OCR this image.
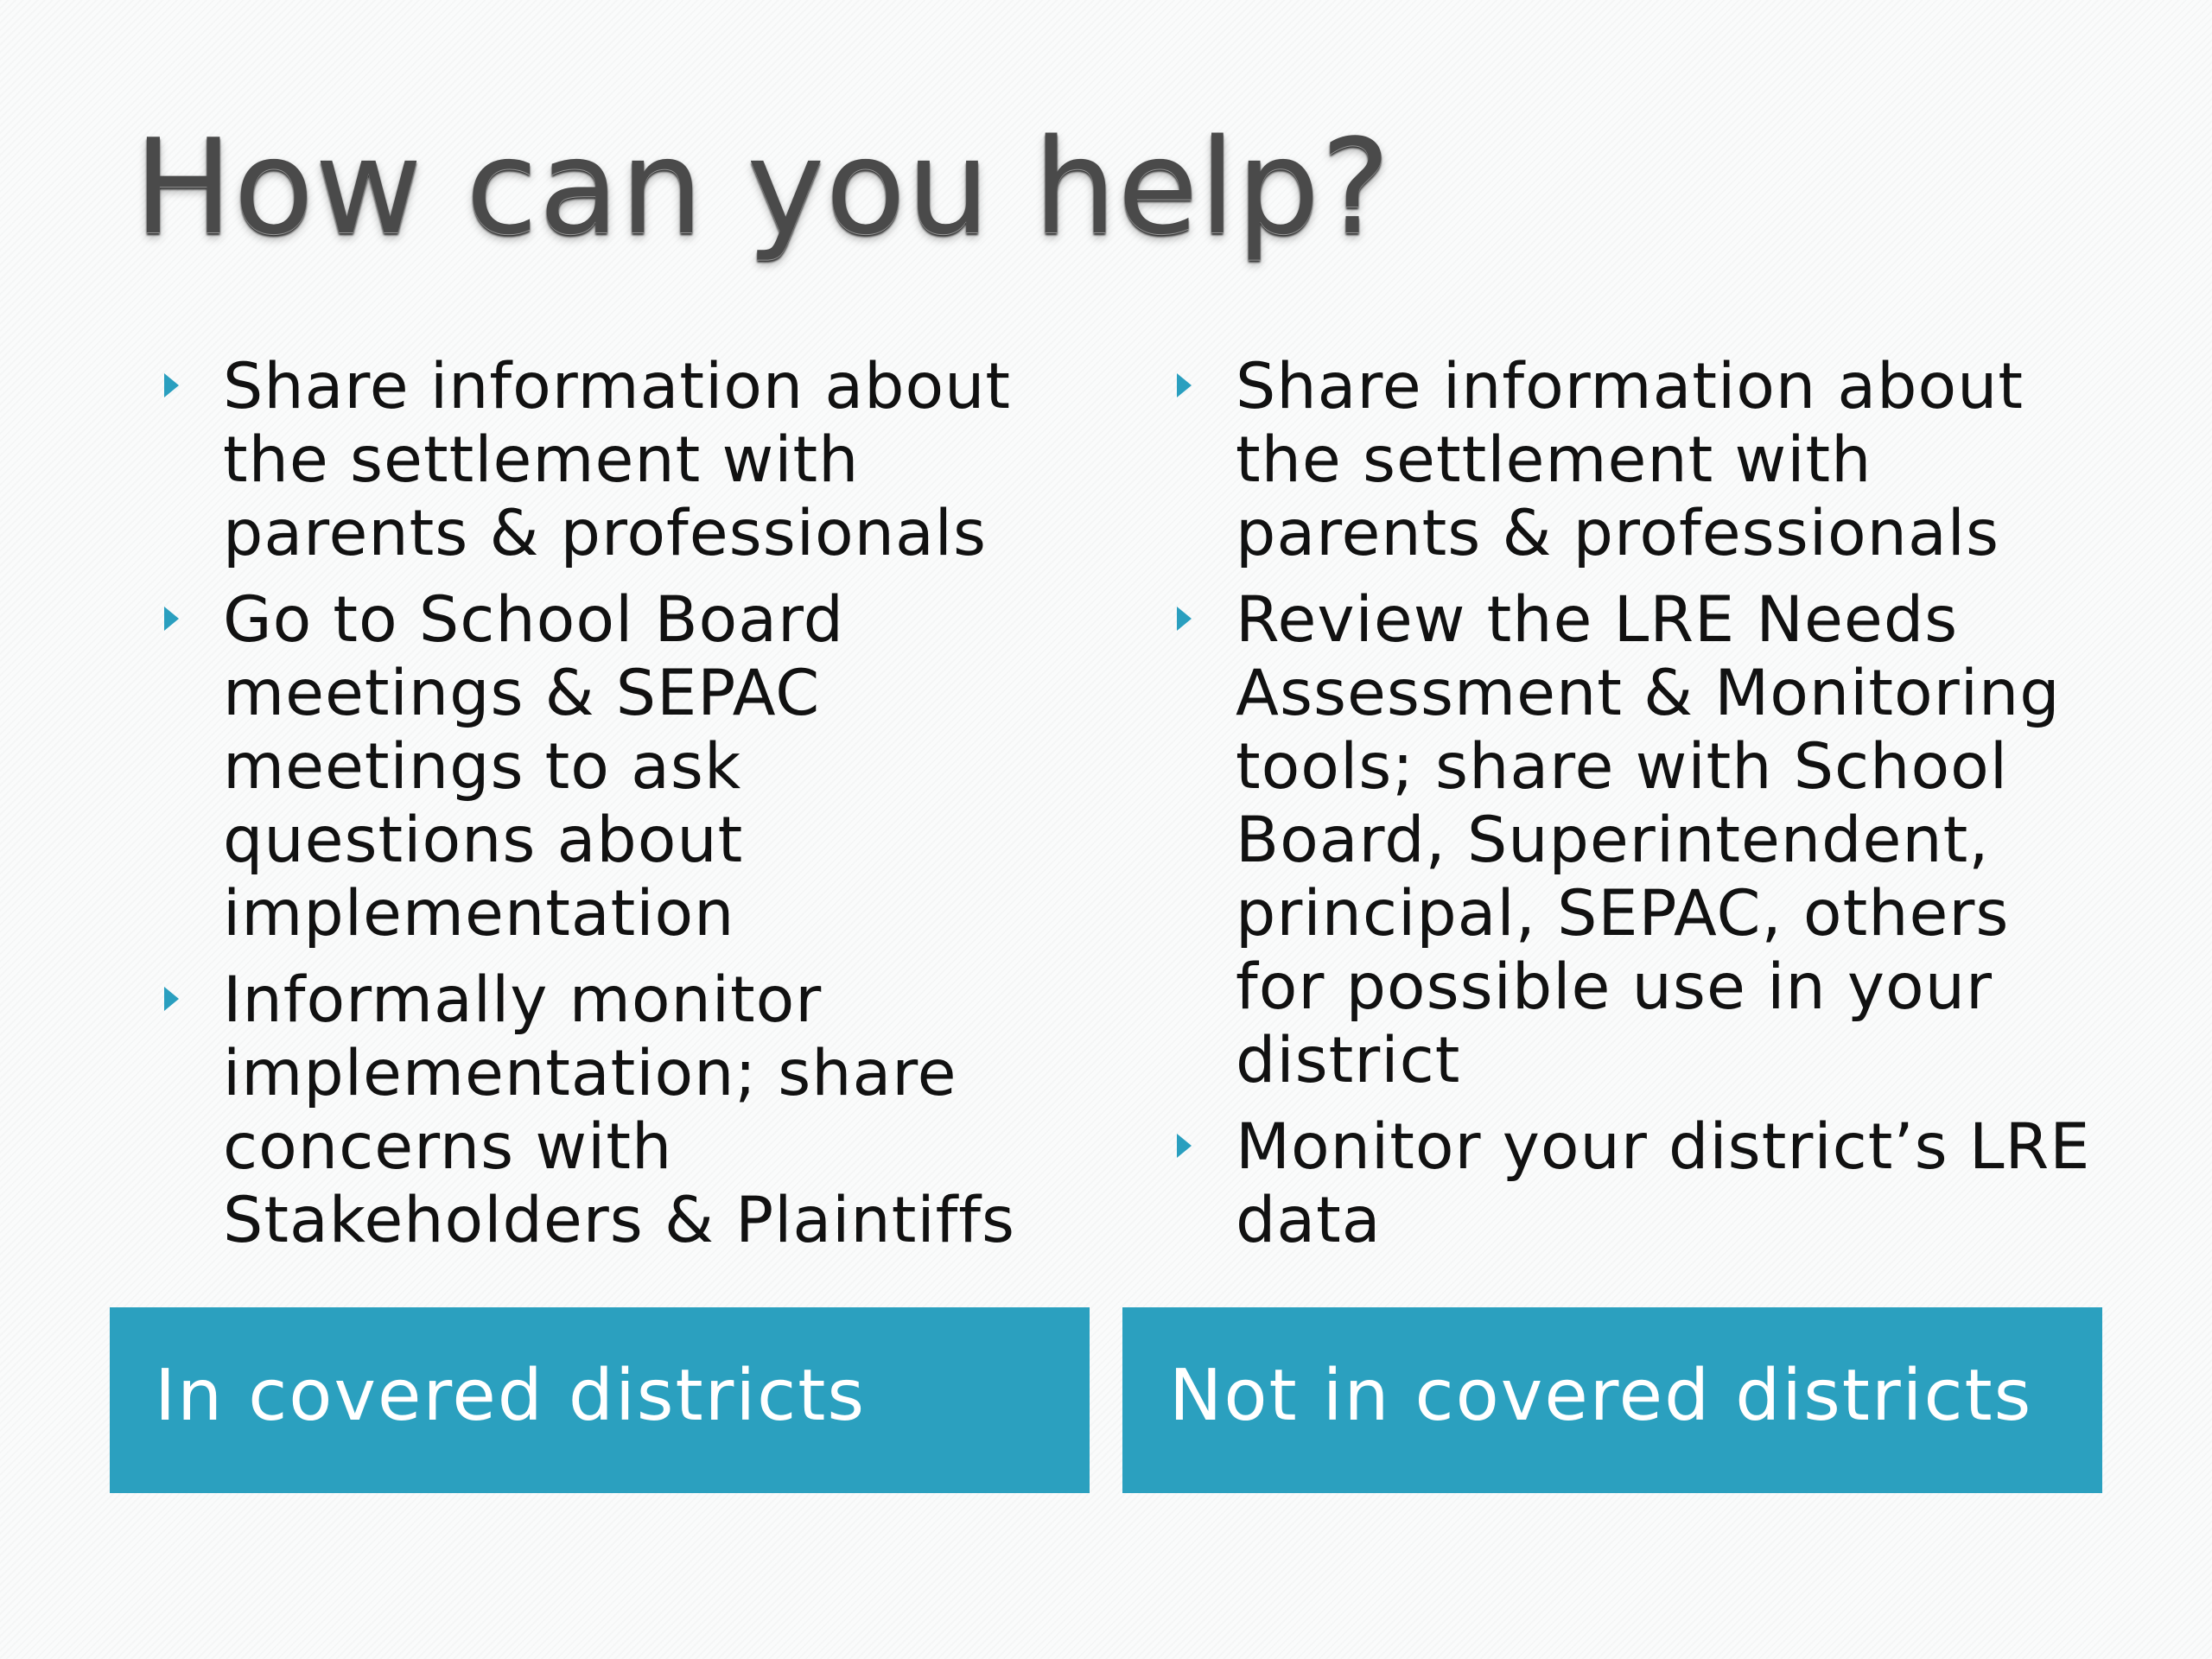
How can you help?
Share information about the settlement with parents & professionals
Go to School Board meetings & SEPAC meetings to ask questions about implementation
Informally monitor implementation; share concerns with Stakeholders & Plaintiffs
Share information about the settlement with parents & professionals
Review the LRE Needs Assessment & Monitoring tools; share with School Board, Superintendent, principal, SEPAC, others for possible use in your district
Monitor your district’s LRE data
In covered districts	Not in covered districts
